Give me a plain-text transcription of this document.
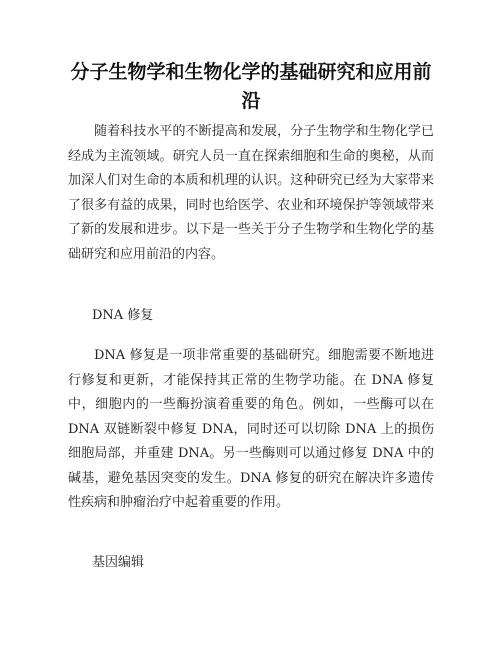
分子生物学和生物化学的基础研究和应用前沿

随着科技水平的不断提高和发展，分子生物学和生物化学已经成为主流领域。研究人员一直在探索细胞和生命的奥秘，从而加深人们对生命的本质和机理的认识。这种研究已经为大家带来了很多有益的成果，同时也给医学、农业和环境保护等领域带来了新的发展和进步。以下是一些关于分子生物学和生物化学的基础研究和应用前沿的内容。

DNA 修复

DNA 修复是一项非常重要的基础研究。细胞需要不断地进行修复和更新，才能保持其正常的生物学功能。在 DNA 修复中，细胞内的一些酶扮演着重要的角色。例如，一些酶可以在 DNA 双链断裂中修复 DNA，同时还可以切除 DNA 上的损伤细胞局部，并重建 DNA。另一些酶则可以通过修复 DNA 中的碱基，避免基因突变的发生。DNA 修复的研究在解决许多遗传性疾病和肿瘤治疗中起着重要的作用。

基因编辑
